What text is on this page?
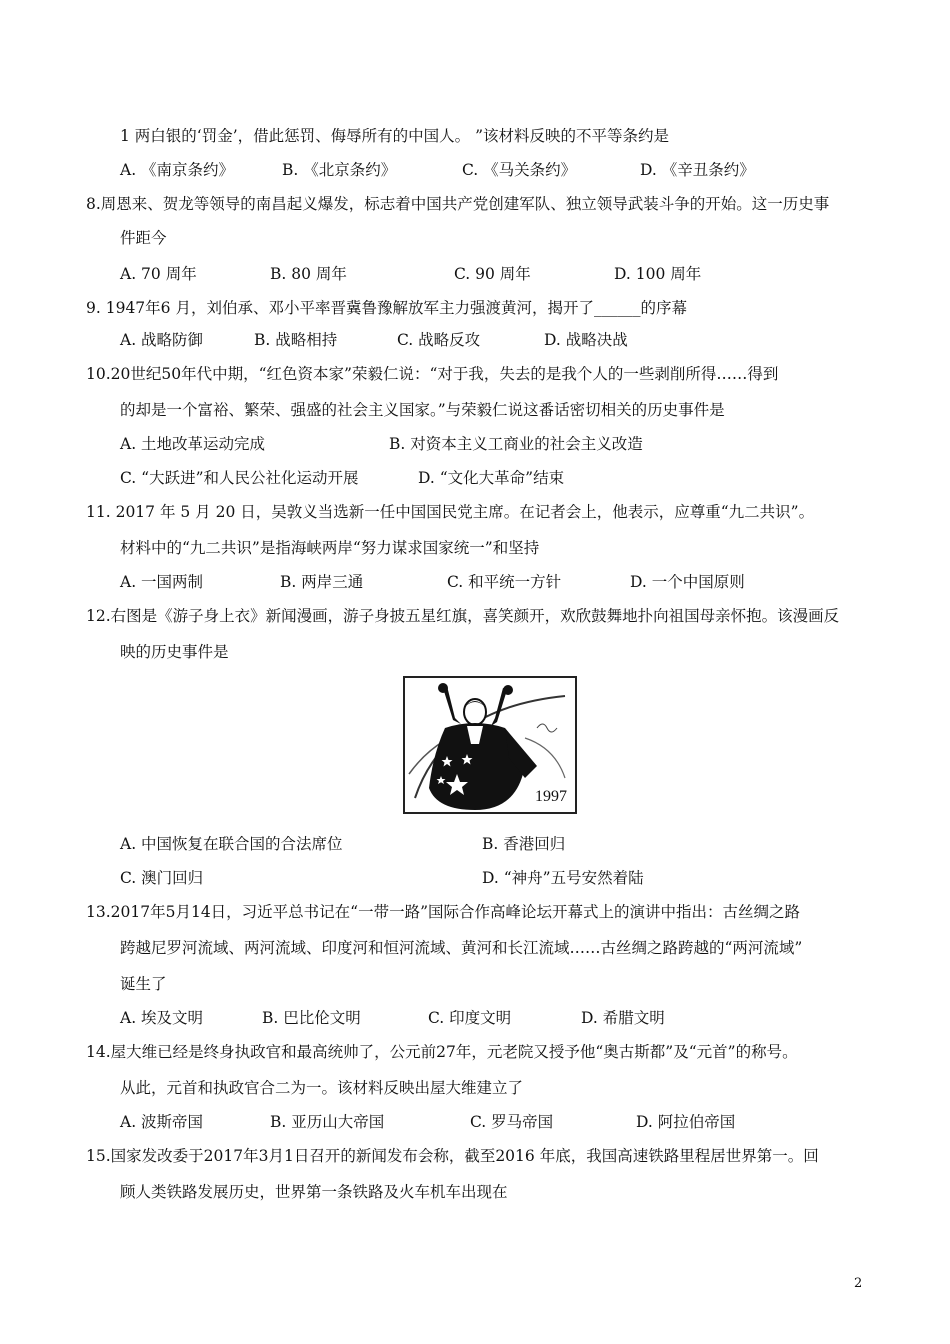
1 两白银的‘罚金’，借此惩罚、侮辱所有的中国人。 ”该材料反映的不平等条约是
A. 《南京条约》	B. 《北京条约》	C. 《马关条约》	D. 《辛丑条约》
8.周恩来、贺龙等领导的南昌起义爆发，标志着中国共产党创建军队、独立领导武装斗争的开始。这一历史事
件距今
A. 70 周年	B. 80 周年	C. 90 周年	D. 100 周年
9. 1947年6 月，刘伯承、邓小平率晋冀鲁豫解放军主力强渡黄河，揭开了______的序幕
A. 战略防御	B. 战略相持	C. 战略反攻	D. 战略决战
10.20世纪50年代中期，“红色资本家”荣毅仁说：“对于我，失去的是我个人的一些剥削所得……得到
的却是一个富裕、繁荣、强盛的社会主义国家。”与荣毅仁说这番话密切相关的历史事件是
A. 土地改革运动完成	B. 对资本主义工商业的社会主义改造
C. “大跃进”和人民公社化运动开展	D. “文化大革命”结束
11. 2017 年 5 月 20 日，吴敦义当选新一任中国国民党主席。在记者会上，他表示，应尊重“九二共识”。
材料中的“九二共识”是指海峡两岸“努力谋求国家统一”和坚持
A. 一国两制	B. 两岸三通	C. 和平统一方针	D. 一个中国原则
12.右图是《游子身上衣》新闻漫画，游子身披五星红旗，喜笑颜开，欢欣鼓舞地扑向祖国母亲怀抱。该漫画反
映的历史事件是
1997
A. 中国恢复在联合国的合法席位	B. 香港回归
C. 澳门回归	D. “神舟”五号安然着陆
13.2017年5月14日，习近平总书记在“一带一路”国际合作高峰论坛开幕式上的演讲中指出：古丝绸之路
跨越尼罗河流域、两河流域、印度河和恒河流域、黄河和长江流域……古丝绸之路跨越的“两河流域”
诞生了
A. 埃及文明	B. 巴比伦文明	C. 印度文明	D. 希腊文明
14.屋大维已经是终身执政官和最高统帅了，公元前27年，元老院又授予他“奥古斯都”及“元首”的称号。
从此，元首和执政官合二为一。该材料反映出屋大维建立了
A. 波斯帝国	B. 亚历山大帝国	C. 罗马帝国	D. 阿拉伯帝国
15.国家发改委于2017年3月1日召开的新闻发布会称，截至2016 年底，我国高速铁路里程居世界第一。回
顾人类铁路发展历史，世界第一条铁路及火车机车出现在
2
